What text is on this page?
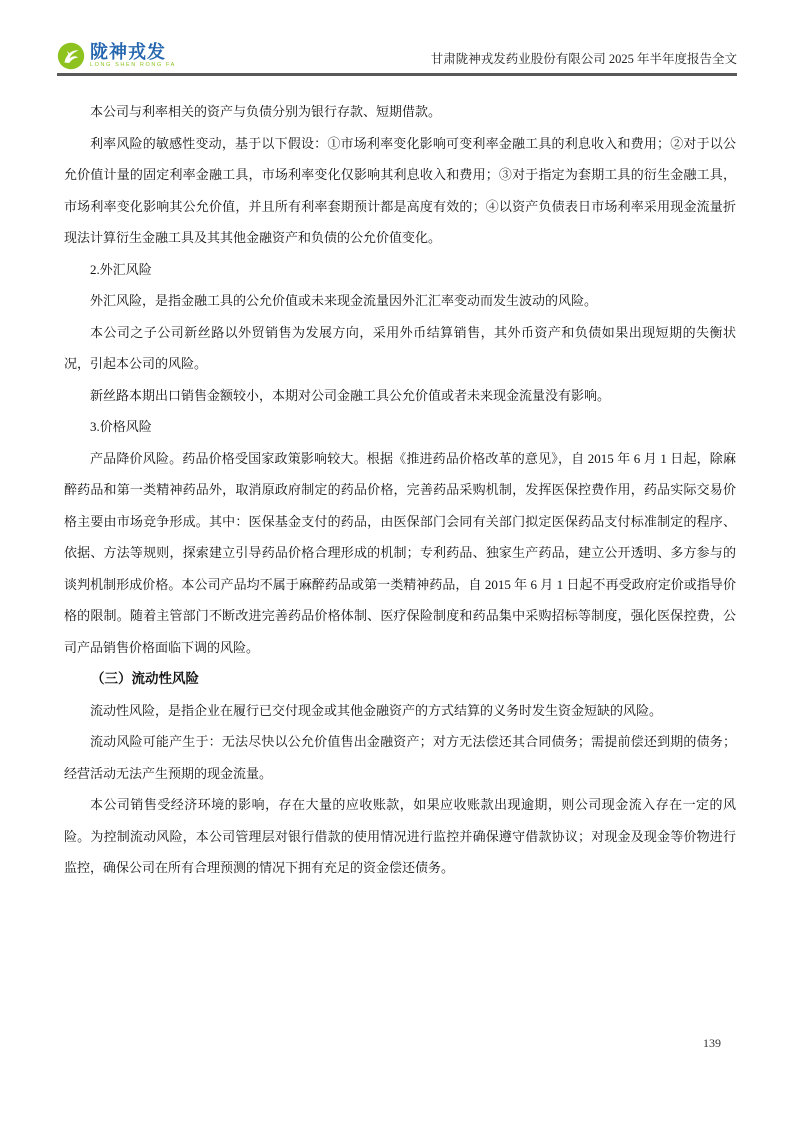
陇神戎发
LONG SHEN RONG FA	甘肃陇神戎发药业股份有限公司 2025 年半年度报告全文

本公司与利率相关的资产与负债分别为银行存款、短期借款。

利率风险的敏感性变动，基于以下假设：①市场利率变化影响可变利率金融工具的利息收入和费用；②对于以公允价值计量的固定利率金融工具，市场利率变化仅影响其利息收入和费用；③对于指定为套期工具的衍生金融工具，市场利率变化影响其公允价值，并且所有利率套期预计都是高度有效的；④以资产负债表日市场利率采用现金流量折现法计算衍生金融工具及其其他金融资产和负债的公允价值变化。

2.外汇风险

外汇风险，是指金融工具的公允价值或未来现金流量因外汇汇率变动而发生波动的风险。

本公司之子公司新丝路以外贸销售为发展方向，采用外币结算销售，其外币资产和负债如果出现短期的失衡状况，引起本公司的风险。

新丝路本期出口销售金额较小，本期对公司金融工具公允价值或者未来现金流量没有影响。

3.价格风险

产品降价风险。药品价格受国家政策影响较大。根据《推进药品价格改革的意见》，自 2015 年 6 月 1 日起，除麻醉药品和第一类精神药品外，取消原政府制定的药品价格，完善药品采购机制，发挥医保控费作用，药品实际交易价格主要由市场竞争形成。其中：医保基金支付的药品，由医保部门会同有关部门拟定医保药品支付标准制定的程序、依据、方法等规则，探索建立引导药品价格合理形成的机制；专利药品、独家生产药品，建立公开透明、多方参与的谈判机制形成价格。本公司产品均不属于麻醉药品或第一类精神药品，自 2015 年 6 月 1 日起不再受政府定价或指导价格的限制。随着主管部门不断改进完善药品价格体制、医疗保险制度和药品集中采购招标等制度，强化医保控费，公司产品销售价格面临下调的风险。

（三）流动性风险

流动性风险，是指企业在履行已交付现金或其他金融资产的方式结算的义务时发生资金短缺的风险。

流动风险可能产生于：无法尽快以公允价值售出金融资产；对方无法偿还其合同债务；需提前偿还到期的债务；经营活动无法产生预期的现金流量。

本公司销售受经济环境的影响，存在大量的应收账款，如果应收账款出现逾期，则公司现金流入存在一定的风险。为控制流动风险，本公司管理层对银行借款的使用情况进行监控并确保遵守借款协议；对现金及现金等价物进行监控，确保公司在所有合理预测的情况下拥有充足的资金偿还债务。

139
